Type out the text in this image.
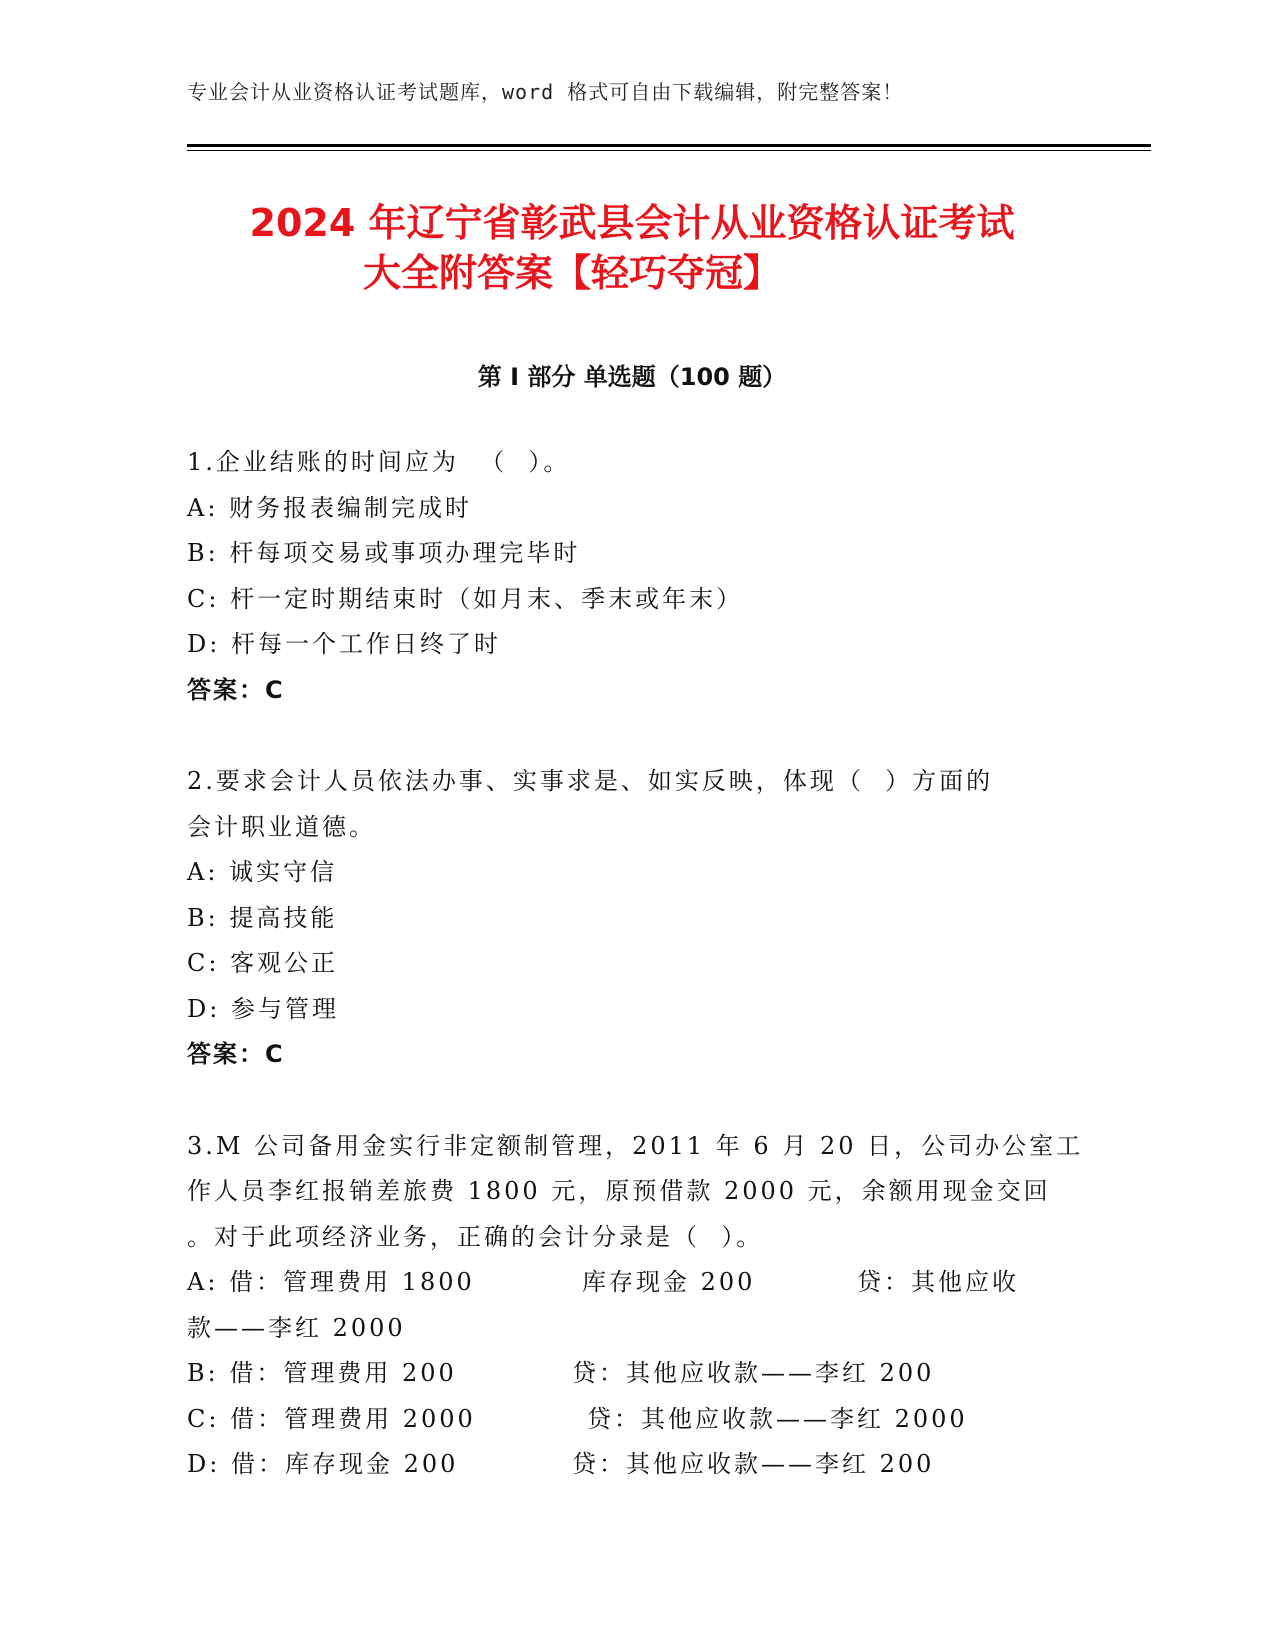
专业会计从业资格认证考试题库，word 格式可自由下载编辑，附完整答案！
2024 年辽宁省彰武县会计从业资格认证考试
大全附答案【轻巧夺冠】
第 I 部分 单选题（100 题）
1.企业结账的时间应为  （  ）。
A: 财务报表编制完成时
B: 杆每项交易或事项办理完毕时
C: 杆一定时期结束时（如月末、季末或年末）
D: 杆每一个工作日终了时
答案：C
2.要求会计人员依法办事、实事求是、如实反映，体现（  ）方面的
会计职业道德。
A: 诚实守信
B: 提高技能
C: 客观公正
D: 参与管理
答案：C
3.M 公司备用金实行非定额制管理，2011 年 6 月 20 日，公司办公室工
作人员李红报销差旅费 1800 元，原预借款 2000 元，余额用现金交回
。对于此项经济业务，正确的会计分录是（  ）。
A: 借：管理费用 1800	库存现金 200	贷：其他应收
款——李红 2000
B: 借：管理费用 200	贷：其他应收款——李红 200
C: 借：管理费用 2000	贷：其他应收款——李红 2000
D: 借：库存现金 200	贷：其他应收款——李红 200
